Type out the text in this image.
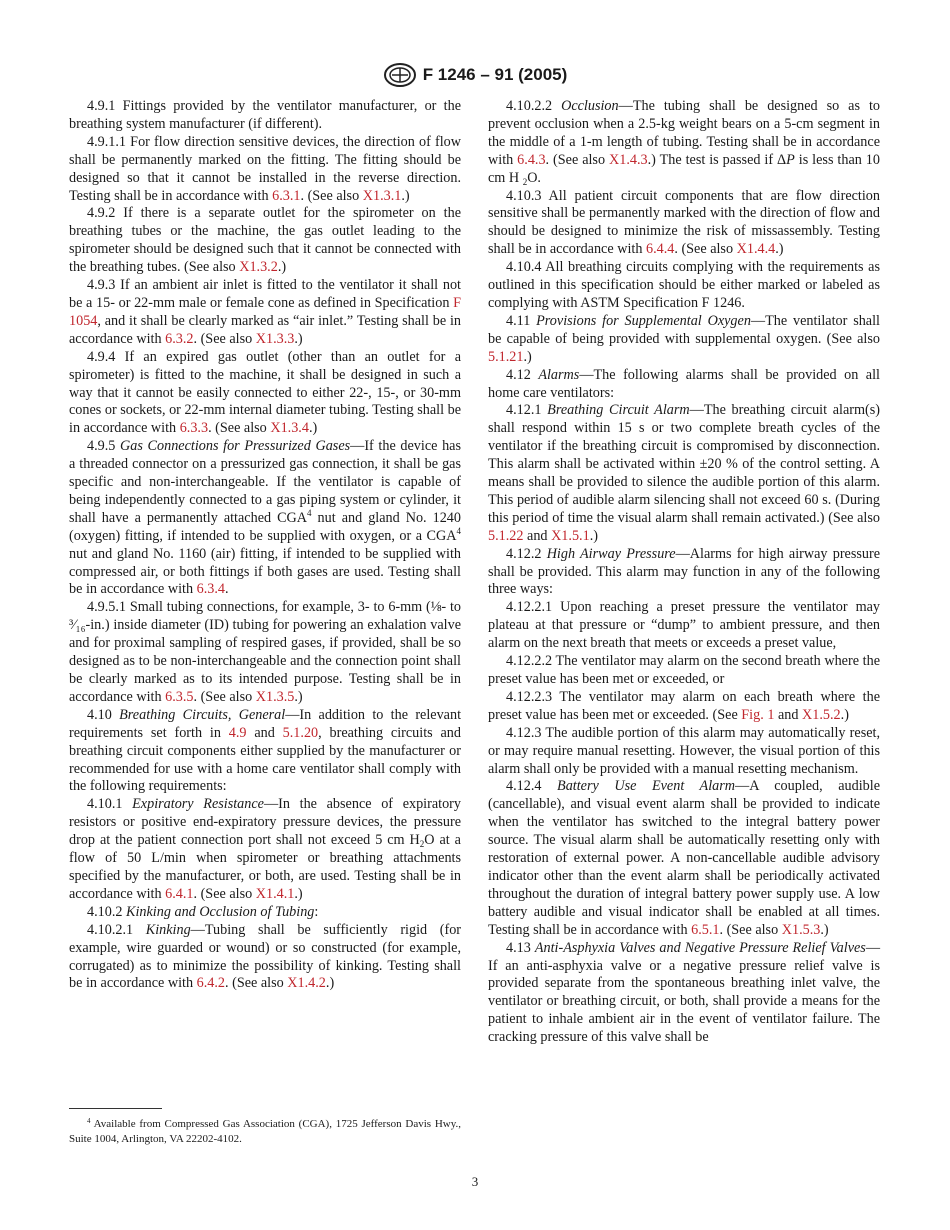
F 1246 – 91 (2005)

4.9.1 Fittings provided by the ventilator manufacturer, or the breathing system manufacturer (if different).

4.9.1.1 For flow direction sensitive devices, the direction of flow shall be permanently marked on the fitting. The fitting should be designed so that it cannot be installed in the reverse direction. Testing shall be in accordance with 6.3.1. (See also X1.3.1.)

4.9.2 If there is a separate outlet for the spirometer on the breathing tubes or the machine, the gas outlet leading to the spirometer should be designed such that it cannot be connected with the breathing tubes. (See also X1.3.2.)

4.9.3 If an ambient air inlet is fitted to the ventilator it shall not be a 15- or 22-mm male or female cone as defined in Specification F 1054, and it shall be clearly marked as “air inlet.” Testing shall be in accordance with 6.3.2. (See also X1.3.3.)

4.9.4 If an expired gas outlet (other than an outlet for a spirometer) is fitted to the machine, it shall be designed in such a way that it cannot be easily connected to either 22-, 15-, or 30-mm cones or sockets, or 22-mm internal diameter tubing. Testing shall be in accordance with 6.3.3. (See also X1.3.4.)

4.9.5 Gas Connections for Pressurized Gases—If the device has a threaded connector on a pressurized gas connection, it shall be gas specific and non-interchangeable. If the ventilator is capable of being independently connected to a gas piping system or cylinder, it shall have a permanently attached CGA$^4$ nut and gland No. 1240 (oxygen) fitting, if intended to be supplied with oxygen, or a CGA$^4$ nut and gland No. 1160 (air) fitting, if intended to be supplied with compressed air, or both fittings if both gases are used. Testing shall be in accordance with 6.3.4.

4.9.5.1 Small tubing connections, for example, 3- to 6-mm (⅛- to ³⁄₁₆-in.) inside diameter (ID) tubing for powering an exhalation valve and for proximal sampling of respired gases, if provided, shall be so designed as to be non-interchangeable and the connection point shall be clearly marked as to its intended purpose. Testing shall be in accordance with 6.3.5. (See also X1.3.5.)

4.10 Breathing Circuits, General—In addition to the relevant requirements set forth in 4.9 and 5.1.20, breathing circuits and breathing circuit components either supplied by the manufacturer or recommended for use with a home care ventilator shall comply with the following requirements:

4.10.1 Expiratory Resistance—In the absence of expiratory resistors or positive end-expiratory pressure devices, the pressure drop at the patient connection port shall not exceed 5 cm $H_2O$ at a flow of 50 L/min when spirometer or breathing attachments specified by the manufacturer, or both, are used. Testing shall be in accordance with 6.4.1. (See also X1.4.1.)

4.10.2 Kinking and Occlusion of Tubing:

4.10.2.1 Kinking—Tubing shall be sufficiently rigid (for example, wire guarded or wound) or so constructed (for example, corrugated) as to minimize the possibility of kinking. Testing shall be in accordance with 6.4.2. (See also X1.4.2.)

4.10.2.2 Occlusion—The tubing shall be designed so as to prevent occlusion when a 2.5-kg weight bears on a 5-cm segment in the middle of a 1-m length of tubing. Testing shall be in accordance with 6.4.3. (See also X1.4.3.) The test is passed if ΔP is less than 10 cm H $_2$O.

4.10.3 All patient circuit components that are flow direction sensitive shall be permanently marked with the direction of flow and should be designed to minimize the risk of missassembly. Testing shall be in accordance with 6.4.4. (See also X1.4.4.)

4.10.4 All breathing circuits complying with the requirements as outlined in this specification should be either marked or labeled as complying with ASTM Specification F 1246.

4.11 Provisions for Supplemental Oxygen—The ventilator shall be capable of being provided with supplemental oxygen. (See also 5.1.21.)

4.12 Alarms—The following alarms shall be provided on all home care ventilators:

4.12.1 Breathing Circuit Alarm—The breathing circuit alarm(s) shall respond within 15 s or two complete breath cycles of the ventilator if the breathing circuit is compromised by disconnection. This alarm shall be activated within ±20 % of the control setting. A means shall be provided to silence the audible portion of this alarm. This period of audible alarm silencing shall not exceed 60 s. (During this period of time the visual alarm shall remain activated.) (See also 5.1.22 and X1.5.1.)

4.12.2 High Airway Pressure—Alarms for high airway pressure shall be provided. This alarm may function in any of the following three ways:

4.12.2.1 Upon reaching a preset pressure the ventilator may plateau at that pressure or “dump” to ambient pressure, and then alarm on the next breath that meets or exceeds a preset value,

4.12.2.2 The ventilator may alarm on the second breath where the preset value has been met or exceeded, or

4.12.2.3 The ventilator may alarm on each breath where the preset value has been met or exceeded. (See Fig. 1 and X1.5.2.)

4.12.3 The audible portion of this alarm may automatically reset, or may require manual resetting. However, the visual portion of this alarm shall only be provided with a manual resetting mechanism.

4.12.4 Battery Use Event Alarm—A coupled, audible (cancellable), and visual event alarm shall be provided to indicate when the ventilator has switched to the integral battery power source. The visual alarm shall be automatically resetting only with restoration of external power. A non-cancellable audible advisory indicator other than the event alarm shall be periodically activated throughout the duration of integral battery power supply use. A low battery audible and visual indicator shall be enabled at all times. Testing shall be in accordance with 6.5.1. (See also X1.5.3.)

4.13 Anti-Asphyxia Valves and Negative Pressure Relief Valves—If an anti-asphyxia valve or a negative pressure relief valve is provided separate from the spontaneous breathing inlet valve, the ventilator or breathing circuit, or both, shall provide a means for the patient to inhale ambient air in the event of ventilator failure. The cracking pressure of this valve shall be

$^4$ Available from Compressed Gas Association (CGA), 1725 Jefferson Davis Hwy., Suite 1004, Arlington, VA 22202-4102.
3
